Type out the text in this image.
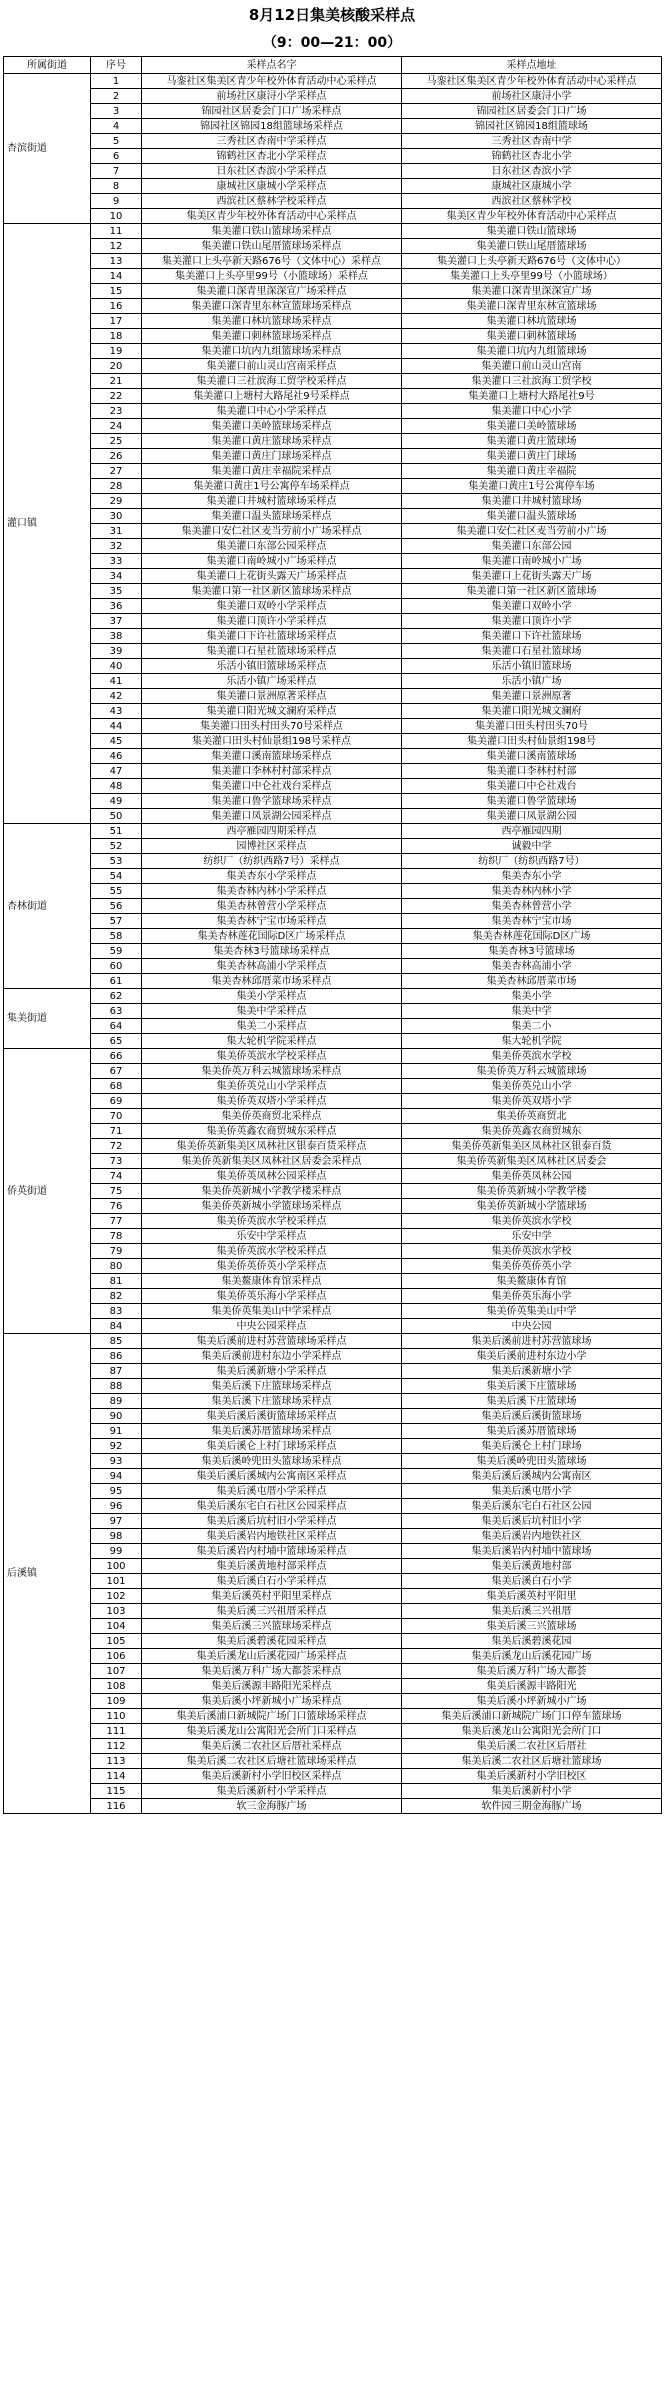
8月12日集美核酸采样点
（9：00—21：00）
所属街道	序号	采样点名字	采样点地址
杏滨街道	1	马銮社区集美区青少年校外体育活动中心采样点	马銮社区集美区青少年校外体育活动中心采样点
	2	前场社区康浔小学采样点	前场社区康浔小学
	3	锦园社区居委会门口广场采样点	锦园社区居委会门口广场
	4	锦园社区锦园18组篮球场采样点	锦园社区锦园18组篮球场
	5	三秀社区杏南中学采样点	三秀社区杏南中学
	6	锦鹤社区杏北小学采样点	锦鹤社区杏北小学
	7	日东社区杏滨小学采样点	日东社区杏滨小学
	8	康城社区康城小学采样点	康城社区康城小学
	9	西滨社区蔡林学校采样点	西滨社区蔡林学校
	10	集美区青少年校外体育活动中心采样点	集美区青少年校外体育活动中心采样点
灌口镇	11	集美灌口铁山篮球场采样点	集美灌口铁山篮球场
	12	集美灌口铁山尾厝篮球场采样点	集美灌口铁山尾厝篮球场
	13	集美灌口上头亭新天路676号（文体中心）采样点	集美灌口上头亭新天路676号（文体中心）
	14	集美灌口上头亭里99号（小篮球场）采样点	集美灌口上头亭里99号（小篮球场）
	15	集美灌口深青里深深宣广场采样点	集美灌口深青里深深宣广场
	16	集美灌口深青里东林宣篮球场采样点	集美灌口深青里东林宣篮球场
	17	集美灌口林坑篮球场采样点	集美灌口林坑篮球场
	18	集美灌口刺林篮球场采样点	集美灌口刺林篮球场
	19	集美灌口坑内九组篮球场采样点	集美灌口坑内九组篮球场
	20	集美灌口前山灵山宫南采样点	集美灌口前山灵山宫南
	21	集美灌口三社滨海工贸学校采样点	集美灌口三社滨海工贸学校
	22	集美灌口上塘村大路尾社9号采样点	集美灌口上塘村大路尾社9号
	23	集美灌口中心小学采样点	集美灌口中心小学
	24	集美灌口美岭篮球场采样点	集美灌口美岭篮球场
	25	集美灌口黄庄篮球场采样点	集美灌口黄庄篮球场
	26	集美灌口黄庄门球场采样点	集美灌口黄庄门球场
	27	集美灌口黄庄幸福院采样点	集美灌口黄庄幸福院
	28	集美灌口黄庄1号公寓停车场采样点	集美灌口黄庄1号公寓停车场
	29	集美灌口井城村篮球场采样点	集美灌口井城村篮球场
	30	集美灌口温头篮球场采样点	集美灌口温头篮球场
	31	集美灌口安仁社区麦当劳前小广场采样点	集美灌口安仁社区麦当劳前小广场
	32	集美灌口东部公园采样点	集美灌口东部公园
	33	集美灌口南岭城小广场采样点	集美灌口南岭城小广场
	34	集美灌口上花街头露天广场采样点	集美灌口上花街头露天广场
	35	集美灌口第一社区新区篮球场采样点	集美灌口第一社区新区篮球场
	36	集美灌口双岭小学采样点	集美灌口双岭小学
	37	集美灌口顶许小学采样点	集美灌口顶许小学
	38	集美灌口下许社篮球场采样点	集美灌口下许社篮球场
	39	集美灌口石星社篮球场采样点	集美灌口石星社篮球场
	40	乐活小镇旧篮球场采样点	乐活小镇旧篮球场
	41	乐活小镇广场采样点	乐活小镇广场
	42	集美灌口景洲原著采样点	集美灌口景洲原著
	43	集美灌口阳光城文澜府采样点	集美灌口阳光城文澜府
	44	集美灌口田头村田头70号采样点	集美灌口田头村田头70号
	45	集美灌口田头村仙景组198号采样点	集美灌口田头村仙景组198号
	46	集美灌口溪南篮球场采样点	集美灌口溪南篮球场
	47	集美灌口李林村村部采样点	集美灌口李林村村部
	48	集美灌口中仑社戏台采样点	集美灌口中仑社戏台
	49	集美灌口鲁学篮球场采样点	集美灌口鲁学篮球场
	50	集美灌口凤景湖公园采样点	集美灌口凤景湖公园
杏林街道	51	西亭雁园四期采样点	西亭雁园四期
	52	园博社区采样点	诚毅中学
	53	纺织厂（纺织西路7号）采样点	纺织厂（纺织西路7号）
	54	集美杏东小学采样点	集美杏东小学
	55	集美杏林内林小学采样点	集美杏林内林小学
	56	集美杏林曾营小学采样点	集美杏林曾营小学
	57	集美杏林宁宝市场采样点	集美杏林宁宝市场
	58	集美杏林莲花国际D区广场采样点	集美杏林莲花国际D区广场
	59	集美杏林3号篮球场采样点	集美杏林3号篮球场
	60	集美杏林高浦小学采样点	集美杏林高浦小学
	61	集美杏林邱厝菜市场采样点	集美杏林邱厝菜市场
集美街道	62	集美小学采样点	集美小学
	63	集美中学采样点	集美中学
	64	集美二小采样点	集美二小
	65	集大轮机学院采样点	集大轮机学院
侨英街道	66	集美侨英滨水学校采样点	集美侨英滨水学校
	67	集美侨英万科云城篮球场采样点	集美侨英万科云城篮球场
	68	集美侨英兑山小学采样点	集美侨英兑山小学
	69	集美侨英双塔小学采样点	集美侨英双塔小学
	70	集美侨英商贸北采样点	集美侨英商贸北
	71	集美侨英鑫农商贸城东采样点	集美侨英鑫农商贸城东
	72	集美侨英新集美区凤林社区银泰百货采样点	集美侨英新集美区凤林社区银泰百货
	73	集美侨英新集美区凤林社区居委会采样点	集美侨英新集美区凤林社区居委会
	74	集美侨英凤林公园采样点	集美侨英凤林公园
	75	集美侨英新城小学教学楼采样点	集美侨英新城小学教学楼
	76	集美侨英新城小学篮球场采样点	集美侨英新城小学篮球场
	77	集美侨英滨水学校采样点	集美侨英滨水学校
	78	乐安中学采样点	乐安中学
	79	集美侨英滨水学校采样点	集美侨英滨水学校
	80	集美侨英侨英小学采样点	集美侨英侨英小学
	81	集美鳌康体育馆采样点	集美鳌康体育馆
	82	集美侨英乐海小学采样点	集美侨英乐海小学
	83	集美侨英集美山中学采样点	集美侨英集美山中学
	84	中央公园采样点	中央公园
后溪镇	85	集美后溪前进村苏营篮球场采样点	集美后溪前进村苏营篮球场
	86	集美后溪前进村东边小学采样点	集美后溪前进村东边小学
	87	集美后溪新塘小学采样点	集美后溪新塘小学
	88	集美后溪下庄篮球场采样点	集美后溪下庄篮球场
	89	集美后溪下庄篮球场采样点	集美后溪下庄篮球场
	90	集美后溪后溪街篮球场采样点	集美后溪后溪街篮球场
	91	集美后溪苏厝篮球场采样点	集美后溪苏厝篮球场
	92	集美后溪仑上村门球场采样点	集美后溪仑上村门球场
	93	集美后溪岭兜田头篮球场采样点	集美后溪岭兜田头篮球场
	94	集美后溪后溪城内公寓南区采样点	集美后溪后溪城内公寓南区
	95	集美后溪屯厝小学采样点	集美后溪屯厝小学
	96	集美后溪东宅白石社区公园采样点	集美后溪东宅白石社区公园
	97	集美后溪后坑村旧小学采样点	集美后溪后坑村旧小学
	98	集美后溪岩内地铁社区采样点	集美后溪岩内地铁社区
	99	集美后溪岩内村埔中篮球场采样点	集美后溪岩内村埔中篮球场
	100	集美后溪黄地村部采样点	集美后溪黄地村部
	101	集美后溪白石小学采样点	集美后溪白石小学
	102	集美后溪英村平阳里采样点	集美后溪英村平阳里
	103	集美后溪三兴祖厝采样点	集美后溪三兴祖厝
	104	集美后溪三兴篮球场采样点	集美后溪三兴篮球场
	105	集美后溪碧溪花园采样点	集美后溪碧溪花园
	106	集美后溪龙山后溪花园广场采样点	集美后溪龙山后溪花园广场
	107	集美后溪万科广场大都荟采样点	集美后溪万科广场大都荟
	108	集美后溪源丰路阳光采样点	集美后溪源丰路阳光
	109	集美后溪小坪新城小广场采样点	集美后溪小坪新城小广场
	110	集美后溪浦口新城院广场门口篮球场采样点	集美后溪浦口新城院广场门口停车篮球场
	111	集美后溪龙山公寓阳光会所门口采样点	集美后溪龙山公寓阳光会所门口
	112	集美后溪二农社区后厝社采样点	集美后溪二农社区后厝社
	113	集美后溪二农社区后塘社篮球场采样点	集美后溪二农社区后塘社篮球场
	114	集美后溪新村小学旧校区采样点	集美后溪新村小学旧校区
	115	集美后溪新村小学采样点	集美后溪新村小学
	116	软三金海豚广场	软件园三期金海豚广场
